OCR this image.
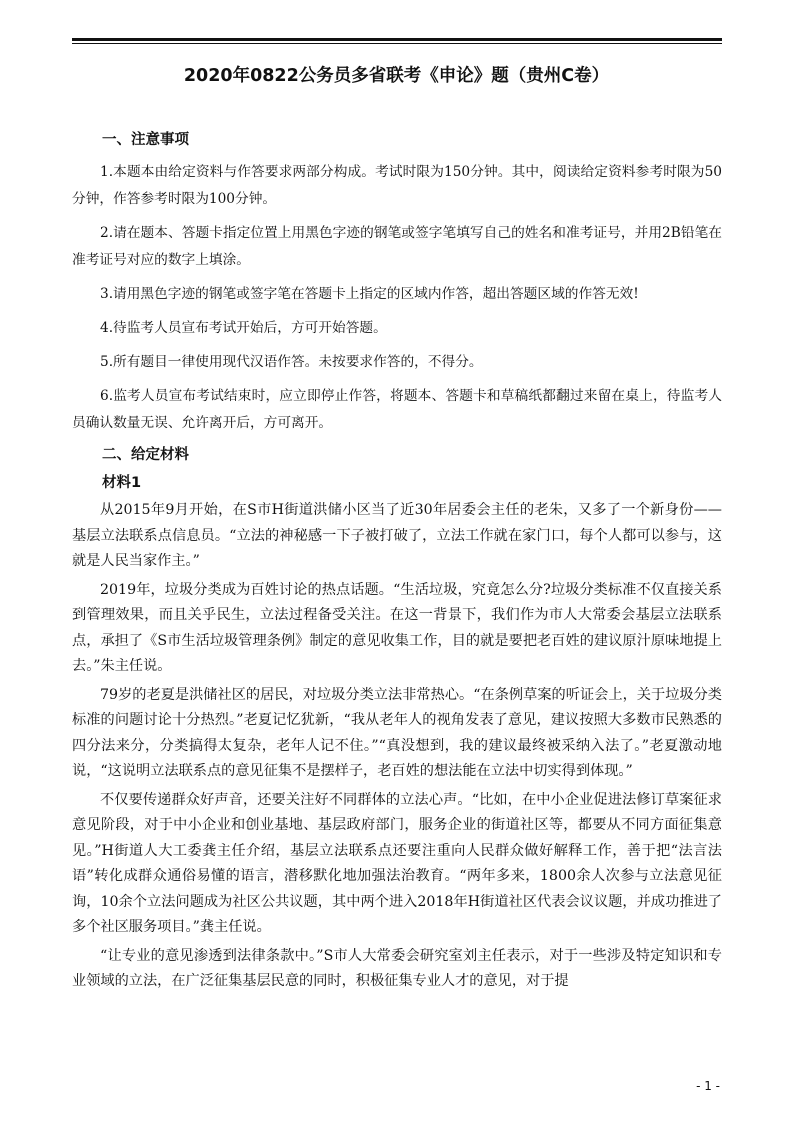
2020年0822公务员多省联考《申论》题（贵州C卷）
一、注意事项

1.本题本由给定资料与作答要求两部分构成。考试时限为150分钟。其中，阅读给定资料参考时限为50分钟，作答参考时限为100分钟。

2.请在题本、答题卡指定位置上用黑色字迹的钢笔或签字笔填写自己的姓名和准考证号，并用2B铅笔在准考证号对应的数字上填涂。

3.请用黑色字迹的钢笔或签字笔在答题卡上指定的区域内作答，超出答题区域的作答无效!

4.待监考人员宣布考试开始后，方可开始答题。

5.所有题目一律使用现代汉语作答。未按要求作答的，不得分。

6.监考人员宣布考试结束时，应立即停止作答，将题本、答题卡和草稿纸都翻过来留在桌上，待监考人员确认数量无误、允许离开后，方可离开。

二、给定材料

材料1

从2015年9月开始，在S市H街道洪储小区当了近30年居委会主任的老朱，又多了一个新身份——基层立法联系点信息员。“立法的神秘感一下子被打破了，立法工作就在家门口，每个人都可以参与，这就是人民当家作主。”

2019年，垃圾分类成为百姓讨论的热点话题。“生活垃圾，究竟怎么分?垃圾分类标准不仅直接关系到管理效果，而且关乎民生，立法过程备受关注。在这一背景下，我们作为市人大常委会基层立法联系点，承担了《S市生活垃圾管理条例》制定的意见收集工作，目的就是要把老百姓的建议原汁原味地提上去。”朱主任说。

79岁的老夏是洪储社区的居民，对垃圾分类立法非常热心。“在条例草案的听证会上，关于垃圾分类标准的问题讨论十分热烈。”老夏记忆犹新，“我从老年人的视角发表了意见，建议按照大多数市民熟悉的四分法来分，分类搞得太复杂，老年人记不住。”“真没想到，我的建议最终被采纳入法了。”老夏激动地说，“这说明立法联系点的意见征集不是摆样子，老百姓的想法能在立法中切实得到体现。”

不仅要传递群众好声音，还要关注好不同群体的立法心声。“比如，在中小企业促进法修订草案征求意见阶段，对于中小企业和创业基地、基层政府部门，服务企业的街道社区等，都要从不同方面征集意见。”H街道人大工委龚主任介绍，基层立法联系点还要注重向人民群众做好解释工作，善于把“法言法语”转化成群众通俗易懂的语言，潜移默化地加强法治教育。“两年多来，1800余人次参与立法意见征询，10余个立法问题成为社区公共议题，其中两个进入2018年H街道社区代表会议议题，并成功推进了多个社区服务项目。”龚主任说。

“让专业的意见渗透到法律条款中。”S市人大常委会研究室刘主任表示，对于一些涉及特定知识和专业领域的立法，在广泛征集基层民意的同时，积极征集专业人才的意见，对于提

- 1 -
